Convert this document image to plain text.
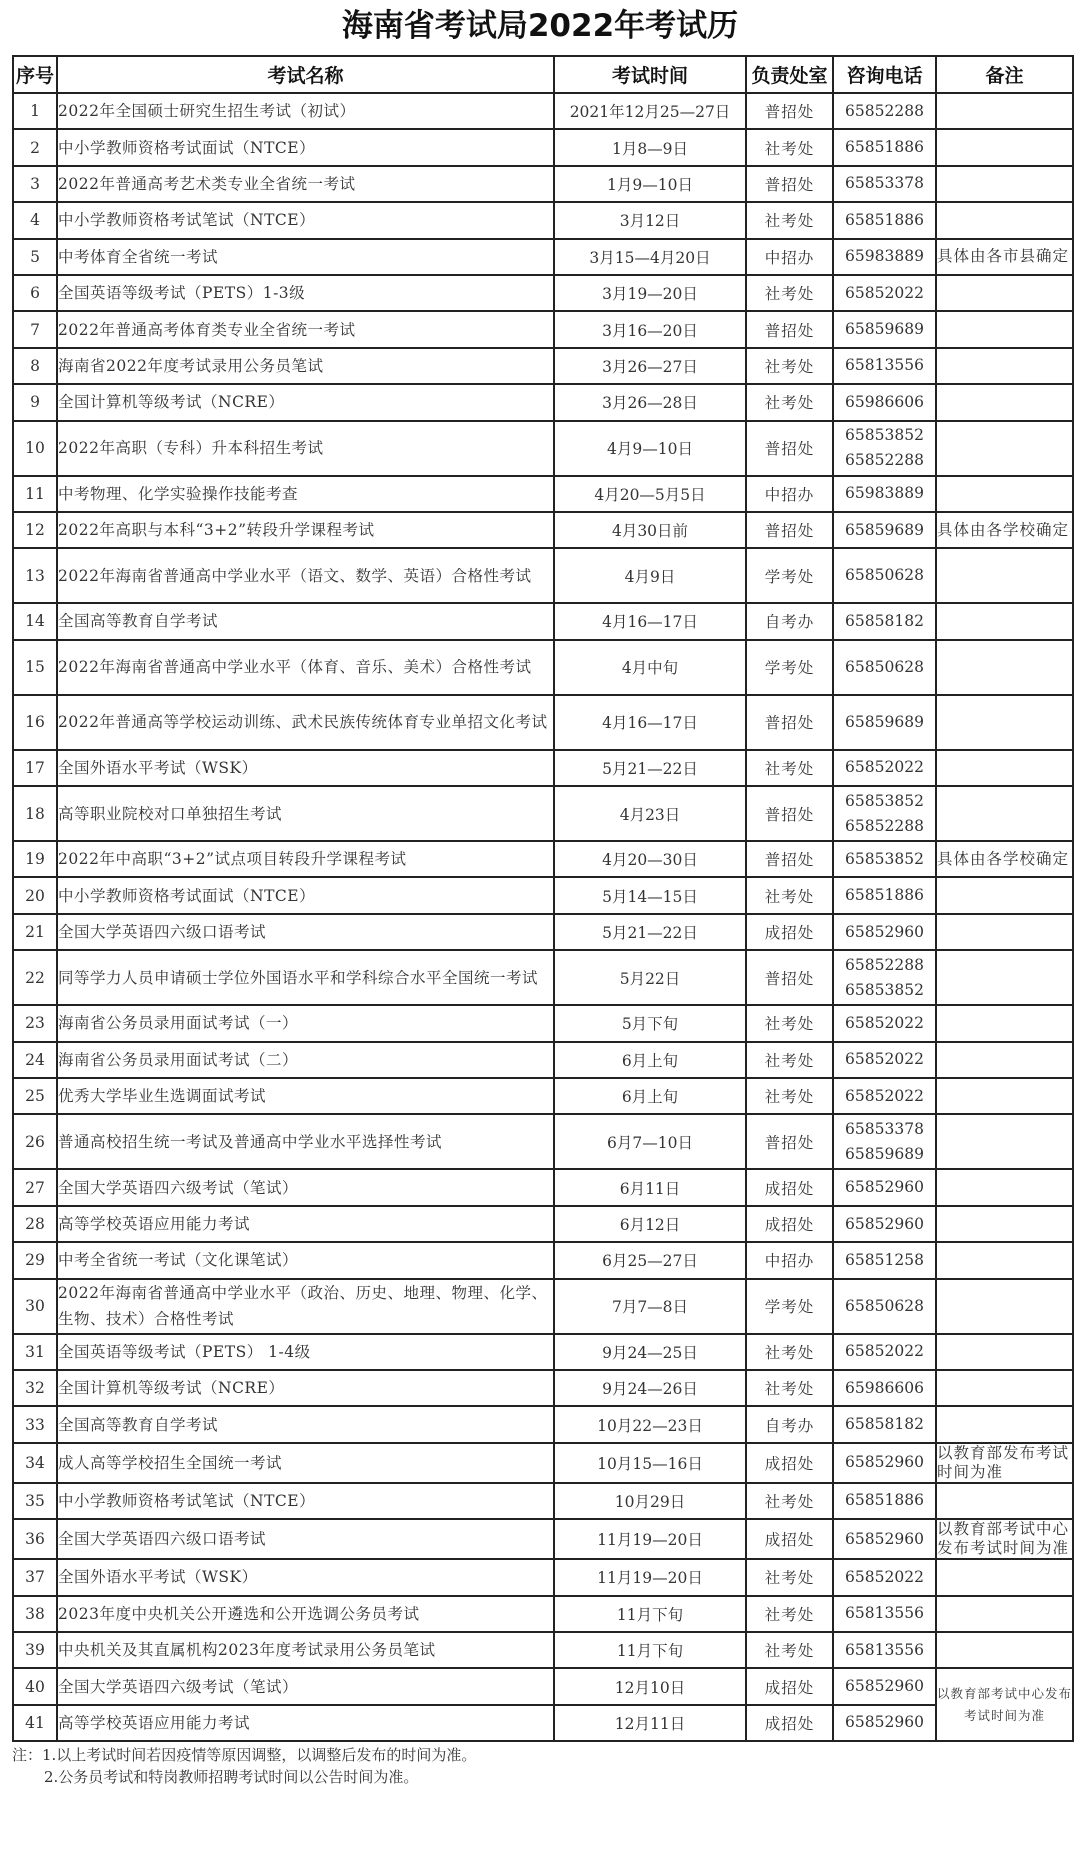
海南省考试局2022年考试历
序号	考试名称	考试时间	负责处室	咨询电话	备注
1	2022年全国硕士研究生招生考试（初试）	2021年12月25—27日	普招处	65852288	

2	中小学教师资格考试面试（NTCE）	1月8—9日	社考处	65851886	

3	2022年普通高考艺术类专业全省统一考试	1月9—10日	普招处	65853378	

4	中小学教师资格考试笔试（NTCE）	3月12日	社考处	65851886	

5	中考体育全省统一考试	3月15—4月20日	中招办	65983889	具体由各市县确定
6	全国英语等级考试（PETS）1-3级	3月19—20日	社考处	65852022	

7	2022年普通高考体育类专业全省统一考试	3月16—20日	普招处	65859689	

8	海南省2022年度考试录用公务员笔试	3月26—27日	社考处	65813556	

9	全国计算机等级考试（NCRE）	3月26—28日	社考处	65986606	

10	2022年高职（专科）升本科招生考试	4月9—10日	普招处	65853852
65852288	

11	中考物理、化学实验操作技能考查	4月20—5月5日	中招办	65983889	

12	2022年高职与本科“3+2”转段升学课程考试	4月30日前	普招处	65859689	具体由各学校确定
13	2022年海南省普通高中学业水平（语文、数学、英语）合格性考试	4月9日	学考处	65850628	

14	全国高等教育自学考试	4月16—17日	自考办	65858182	

15	2022年海南省普通高中学业水平（体育、音乐、美术）合格性考试	4月中旬	学考处	65850628	

16	2022年普通高等学校运动训练、武术民族传统体育专业单招文化考试	4月16—17日	普招处	65859689	

17	全国外语水平考试（WSK）	5月21—22日	社考处	65852022	

18	高等职业院校对口单独招生考试	4月23日	普招处	65853852
65852288	

19	2022年中高职“3+2”试点项目转段升学课程考试	4月20—30日	普招处	65853852	具体由各学校确定
20	中小学教师资格考试面试（NTCE）	5月14—15日	社考处	65851886	

21	全国大学英语四六级口语考试	5月21—22日	成招处	65852960	

22	同等学力人员申请硕士学位外国语水平和学科综合水平全国统一考试	5月22日	普招处	65852288
65853852	

23	海南省公务员录用面试考试（一）	5月下旬	社考处	65852022	

24	海南省公务员录用面试考试（二）	6月上旬	社考处	65852022	

25	优秀大学毕业生选调面试考试	6月上旬	社考处	65852022	

26	普通高校招生统一考试及普通高中学业水平选择性考试	6月7—10日	普招处	65853378
65859689	

27	全国大学英语四六级考试（笔试）	6月11日	成招处	65852960	

28	高等学校英语应用能力考试	6月12日	成招处	65852960	

29	中考全省统一考试（文化课笔试）	6月25—27日	中招办	65851258	

30	2022年海南省普通高中学业水平（政治、历史、地理、物理、化学、生物、技术）合格性考试	7月7—8日	学考处	65850628	

31	全国英语等级考试（PETS） 1-4级	9月24—25日	社考处	65852022	

32	全国计算机等级考试（NCRE）	9月24—26日	社考处	65986606	

33	全国高等教育自学考试	10月22—23日	自考办	65858182	

34	成人高等学校招生全国统一考试	10月15—16日	成招处	65852960	以教育部发布考试时间为准
35	中小学教师资格考试笔试（NTCE）	10月29日	社考处	65851886	

36	全国大学英语四六级口语考试	11月19—20日	成招处	65852960	以教育部考试中心发布考试时间为准
37	全国外语水平考试（WSK）	11月19—20日	社考处	65852022	

38	2023年度中央机关公开遴选和公开选调公务员考试	11月下旬	社考处	65813556	

39	中央机关及其直属机构2023年度考试录用公务员笔试	11月下旬	社考处	65813556	

40	全国大学英语四六级考试（笔试）	12月10日	成招处	65852960	以教育部考试中心发布考试时间为准
41	高等学校英语应用能力考试	12月11日	成招处	65852960	
注：1.以上考试时间若因疫情等原因调整，以调整后发布的时间为准。
2.公务员考试和特岗教师招聘考试时间以公告时间为准。
